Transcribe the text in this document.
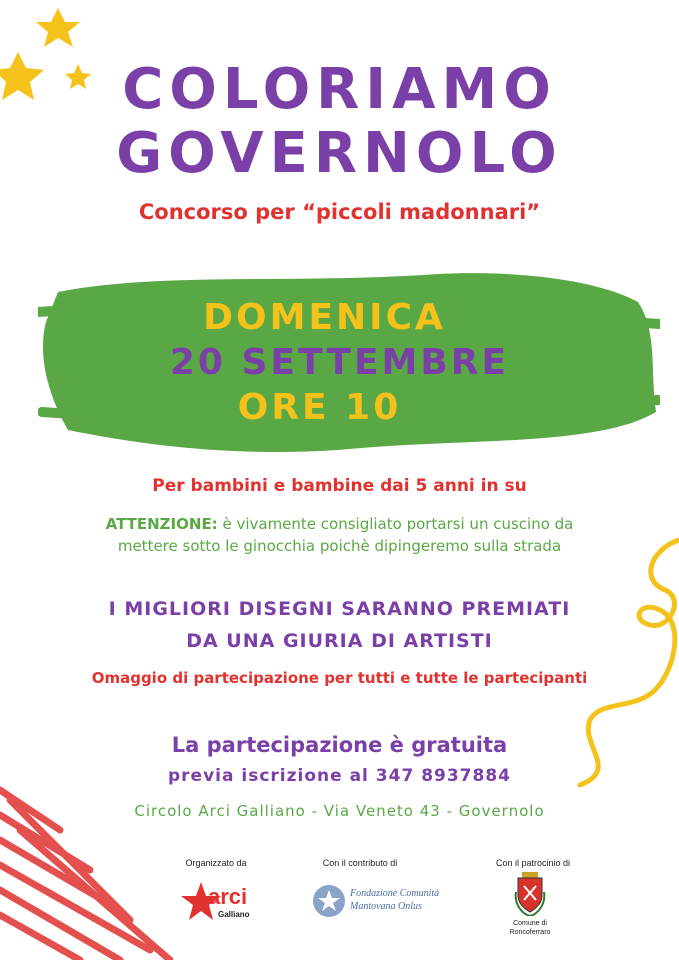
COLORIAMO
GOVERNOLO
Concorso per “piccoli madonnari”
DOMENICA
20 SETTEMBRE
ORE 10
Per bambini e bambine dai 5 anni in su
ATTENZIONE: è vivamente consigliato portarsi un cuscino da
mettere sotto le ginocchia poichè dipingeremo sulla strada
I MIGLIORI DISEGNI SARANNO PREMIATI
DA UNA GIURIA DI ARTISTI
Omaggio di partecipazione per tutti e tutte le partecipanti
La partecipazione è gratuita
previa iscrizione al 347 8937884
Circolo Arci Galliano - Via Veneto 43 - Governolo
Organizzato da	Con il contributo di	Con il patrocinio di
arci
Galliano
Fondazione Comunità
Mantovana Onlus
Comune di
Roncoferraro
